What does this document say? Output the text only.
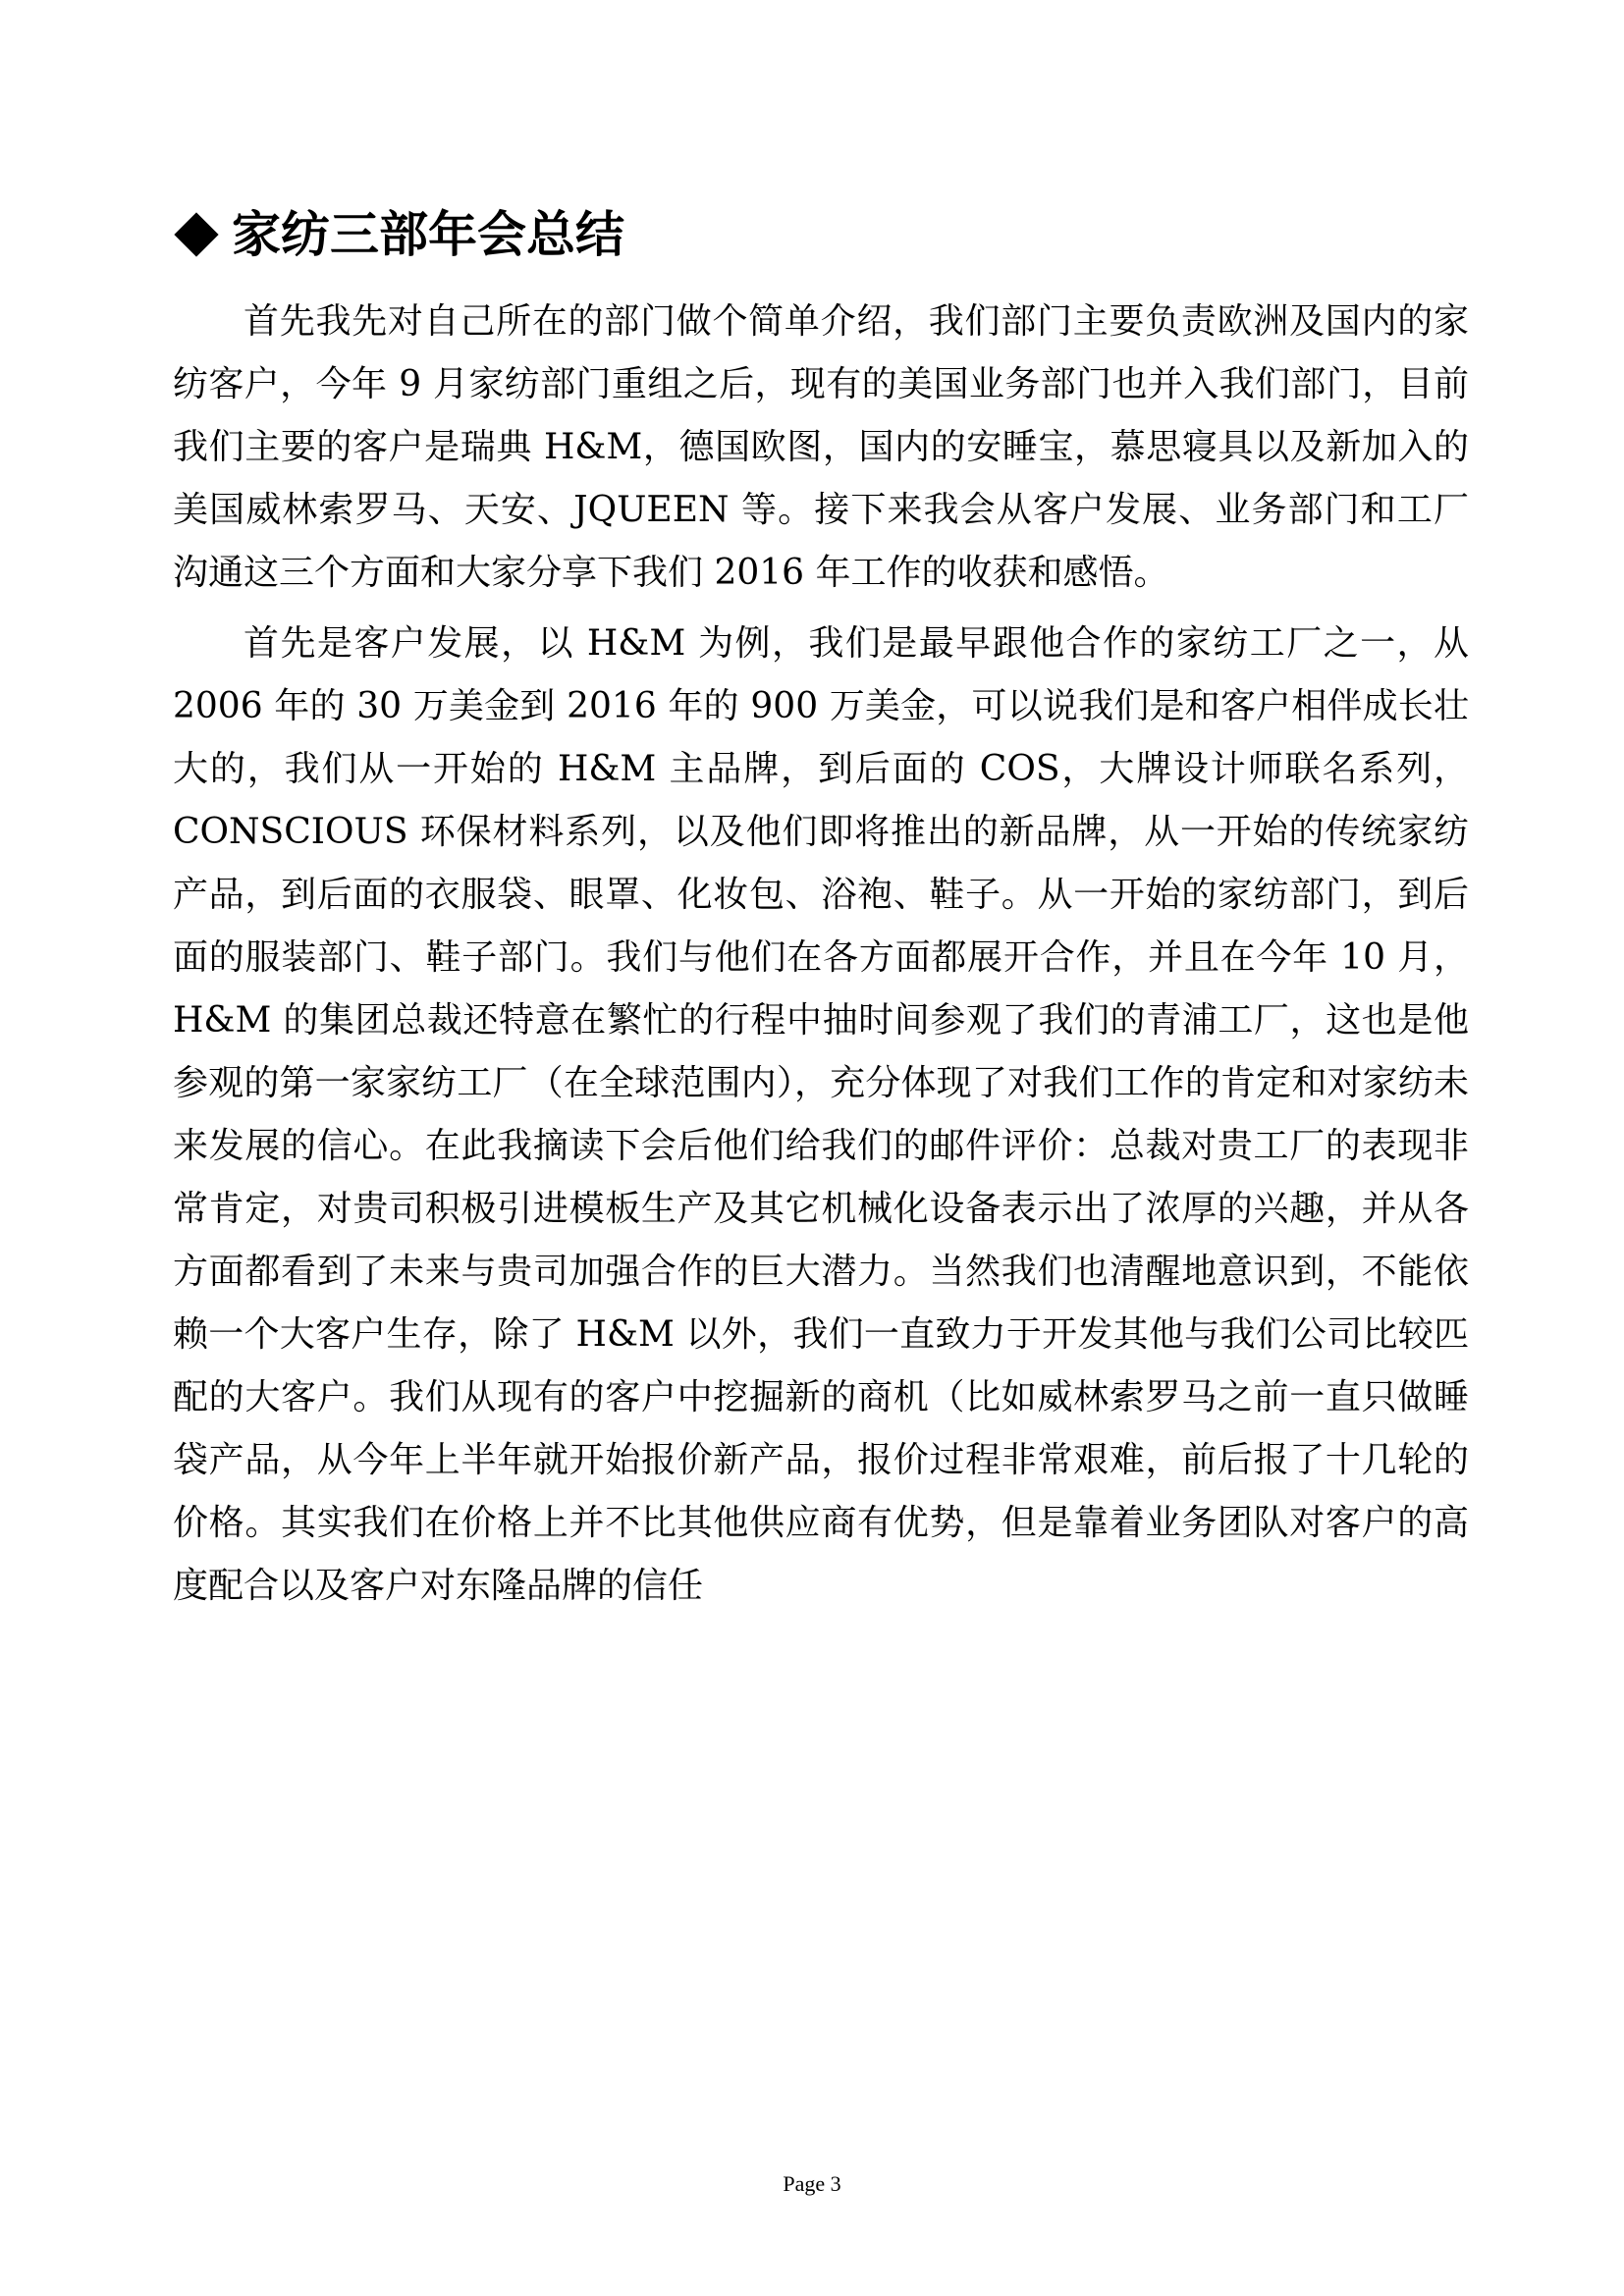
家纺三部年会总结

首先我先对自己所在的部门做个简单介绍，我们部门主要负责欧洲及国内的家纺客户，今年 9 月家纺部门重组之后，现有的美国业务部门也并入我们部门，目前我们主要的客户是瑞典 H&M，德国欧图，国内的安睡宝，慕思寝具以及新加入的美国威林索罗马、天安、JQUEEN 等。接下来我会从客户发展、业务部门和工厂沟通这三个方面和大家分享下我们 2016 年工作的收获和感悟。

首先是客户发展，以 H&M 为例，我们是最早跟他合作的家纺工厂之一，从 2006 年的 30 万美金到 2016 年的 900 万美金，可以说我们是和客户相伴成长壮大的，我们从一开始的 H&M 主品牌，到后面的 COS，大牌设计师联名系列，CONSCIOUS 环保材料系列，以及他们即将推出的新品牌，从一开始的传统家纺产品，到后面的衣服袋、眼罩、化妆包、浴袍、鞋子。从一开始的家纺部门，到后面的服装部门、鞋子部门。我们与他们在各方面都展开合作，并且在今年 10 月，H&M 的集团总裁还特意在繁忙的行程中抽时间参观了我们的青浦工厂，这也是他参观的第一家家纺工厂（在全球范围内），充分体现了对我们工作的肯定和对家纺未来发展的信心。在此我摘读下会后他们给我们的邮件评价：总裁对贵工厂的表现非常肯定，对贵司积极引进模板生产及其它机械化设备表示出了浓厚的兴趣，并从各方面都看到了未来与贵司加强合作的巨大潜力。当然我们也清醒地意识到，不能依赖一个大客户生存，除了 H&M 以外，我们一直致力于开发其他与我们公司比较匹配的大客户。我们从现有的客户中挖掘新的商机（比如威林索罗马之前一直只做睡袋产品，从今年上半年就开始报价新产品，报价过程非常艰难，前后报了十几轮的价格。其实我们在价格上并不比其他供应商有优势，但是靠着业务团队对客户的高度配合以及客户对东隆品牌的信任

Page 3
